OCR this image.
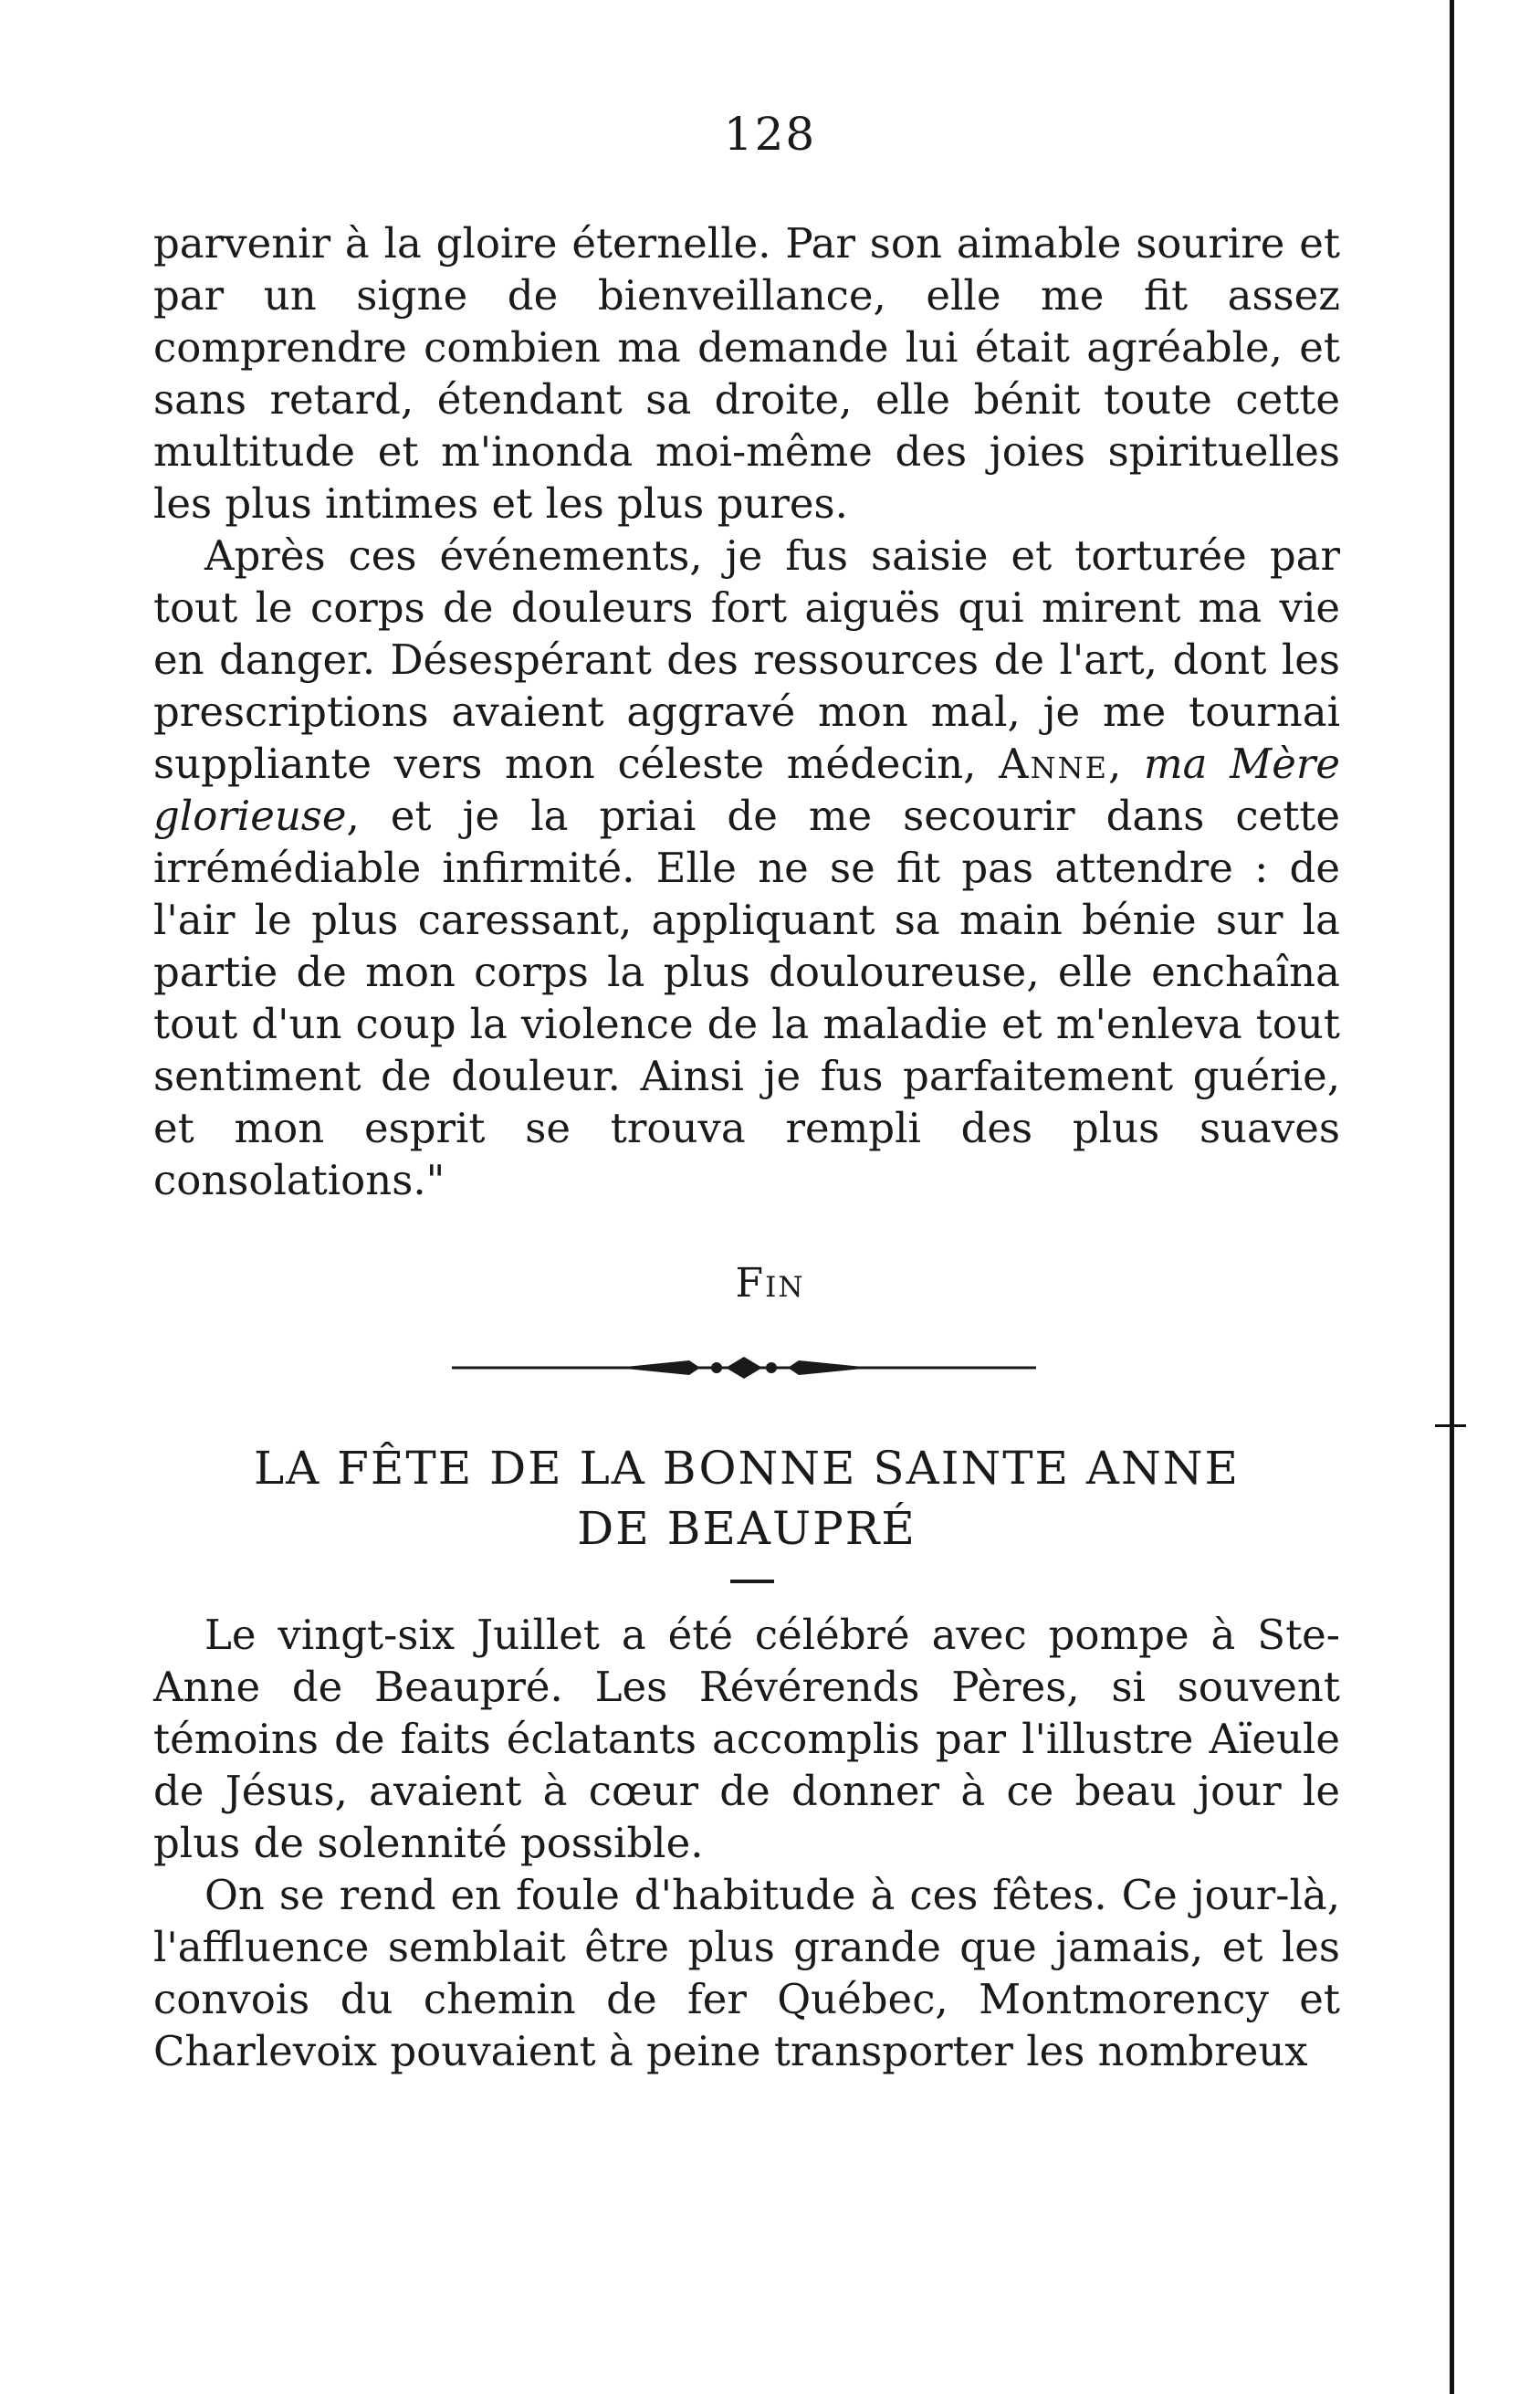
128

parvenir à la gloire éternelle. Par son aimable sourire et par un signe de bienveillance, elle me fit assez comprendre combien ma demande lui était agréable, et sans retard, étendant sa droite, elle bénit toute cette multitude et m'inonda moi-même des joies spirituelles les plus intimes et les plus pures.

Après ces événements, je fus saisie et torturée par tout le corps de douleurs fort aiguës qui mirent ma vie en danger. Désespérant des ressources de l'art, dont les prescriptions avaient aggravé mon mal, je me tournai suppliante vers mon céleste médecin, Anne, ma Mère glorieuse, et je la priai de me secourir dans cette irrémédiable infirmité. Elle ne se fit pas attendre : de l'air le plus caressant, appliquant sa main bénie sur la partie de mon corps la plus douloureuse, elle enchaîna tout d'un coup la violence de la maladie et m'enleva tout sentiment de douleur. Ainsi je fus parfaitement guérie, et mon esprit se trouva rempli des plus suaves consolations."

Fin
LA FÊTE DE LA BONNE SAINTE ANNE
DE BEAUPRÉ

Le vingt-six Juillet a été célébré avec pompe à Ste-Anne de Beaupré. Les Révérends Pères, si souvent témoins de faits éclatants accomplis par l'illustre Aïeule de Jésus, avaient à cœur de donner à ce beau jour le plus de solennité possible.

On se rend en foule d'habitude à ces fêtes. Ce jour-là, l'affluence semblait être plus grande que jamais, et les convois du chemin de fer Québec, Montmorency et Charlevoix pouvaient à peine transporter les nombreux
